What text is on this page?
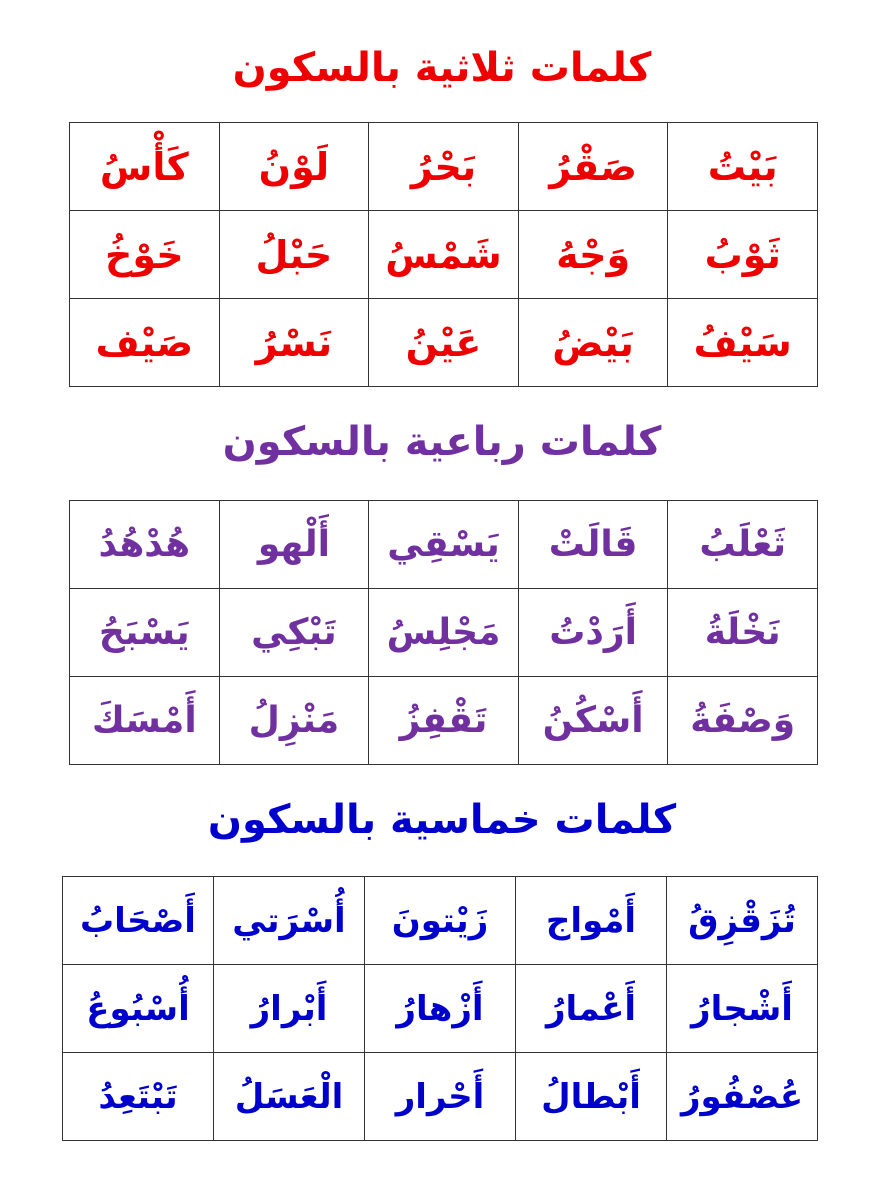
كلمات ثلاثية بالسكون
بَيْتُ	صَقْرُ	بَحْرُ	لَوْنُ	كَأْسُ
ثَوْبُ	وَجْهُ	شَمْسُ	حَبْلُ	خَوْخُ
سَيْفُ	بَيْضُ	عَيْنُ	نَسْرُ	صَيْف
كلمات رباعية بالسكون
ثَعْلَبُ	قَالَتْ	يَسْقِي	أَلْهو	هُدْهُدُ
نَخْلَةُ	أَرَدْتُ	مَجْلِسُ	تَبْكِي	يَسْبَحُ
وَصْفَةُ	أَسْكُنُ	تَقْفِزُ	مَنْزِلُ	أَمْسَكَ
كلمات خماسية بالسكون
تُزَقْزِقُ	أَمْواج	زَيْتونَ	أُسْرَتي	أَصْحَابُ
أَشْجارُ	أَعْمارُ	أَزْهارُ	أَبْرارُ	أُسْبُوعُ
عُصْفُورُ	أَبْطالُ	أَحْرار	الْعَسَلُ	تَبْتَعِدُ
